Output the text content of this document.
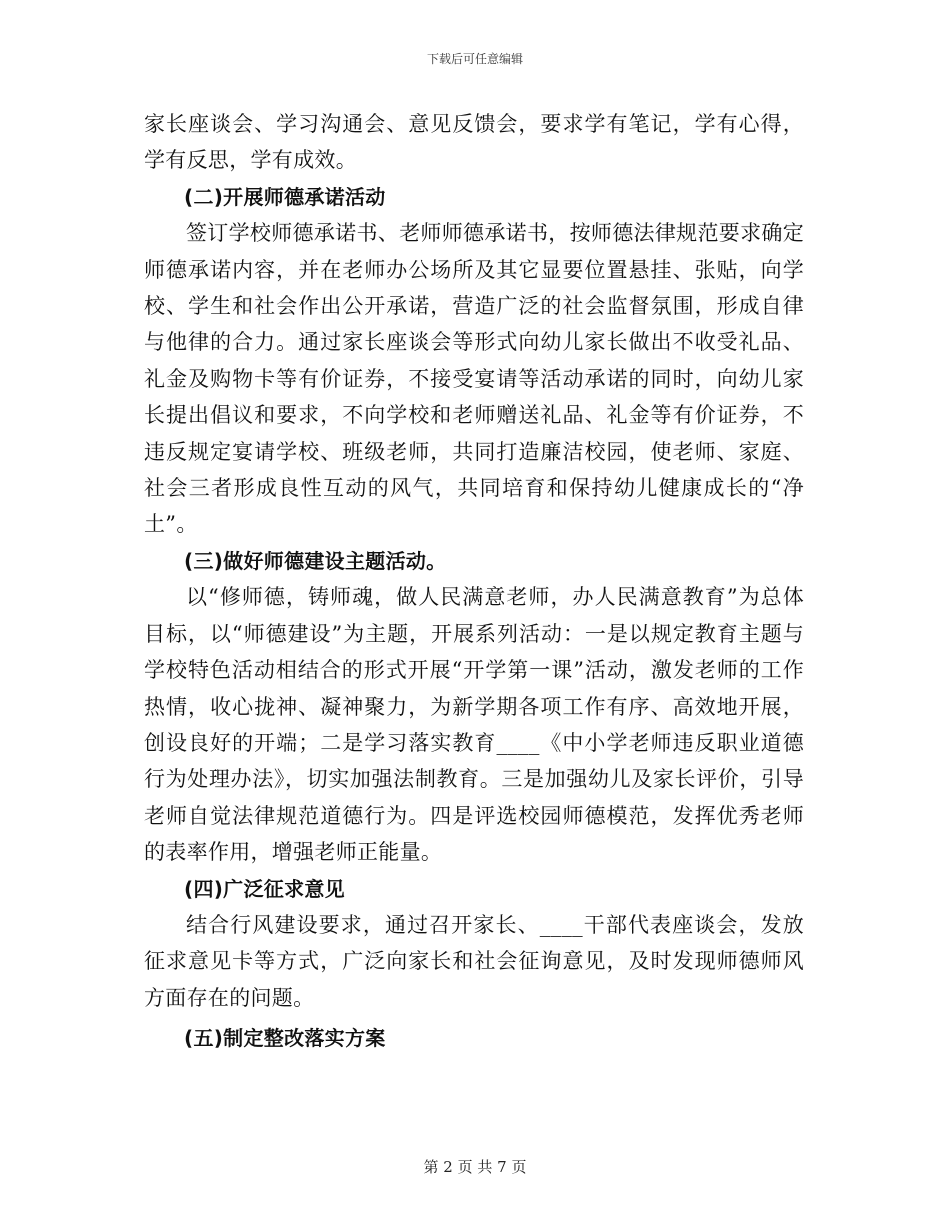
下载后可任意编辑

家长座谈会、学习沟通会、意见反馈会，要求学有笔记，学有心得，学有反思，学有成效。

(二)开展师德承诺活动

签订学校师德承诺书、老师师德承诺书，按师德法律规范要求确定师德承诺内容，并在老师办公场所及其它显要位置悬挂、张贴，向学校、学生和社会作出公开承诺，营造广泛的社会监督氛围，形成自律与他律的合力。通过家长座谈会等形式向幼儿家长做出不收受礼品、礼金及购物卡等有价证券，不接受宴请等活动承诺的同时，向幼儿家长提出倡议和要求，不向学校和老师赠送礼品、礼金等有价证券，不违反规定宴请学校、班级老师，共同打造廉洁校园，使老师、家庭、社会三者形成良性互动的风气，共同培育和保持幼儿健康成长的“净土”。

(三)做好师德建设主题活动。

以“修师德，铸师魂，做人民满意老师，办人民满意教育”为总体目标，以“师德建设”为主题，开展系列活动：一是以规定教育主题与学校特色活动相结合的形式开展“开学第一课”活动，激发老师的工作热情，收心拢神、凝神聚力，为新学期各项工作有序、高效地开展，创设良好的开端；二是学习落实教育____《中小学老师违反职业道德行为处理办法》，切实加强法制教育。三是加强幼儿及家长评价，引导老师自觉法律规范道德行为。四是评选校园师德模范，发挥优秀老师的表率作用，增强老师正能量。

(四)广泛征求意见

结合行风建设要求，通过召开家长、____干部代表座谈会，发放征求意见卡等方式，广泛向家长和社会征询意见，及时发现师德师风方面存在的问题。

(五)制定整改落实方案

第 2 页 共 7 页
